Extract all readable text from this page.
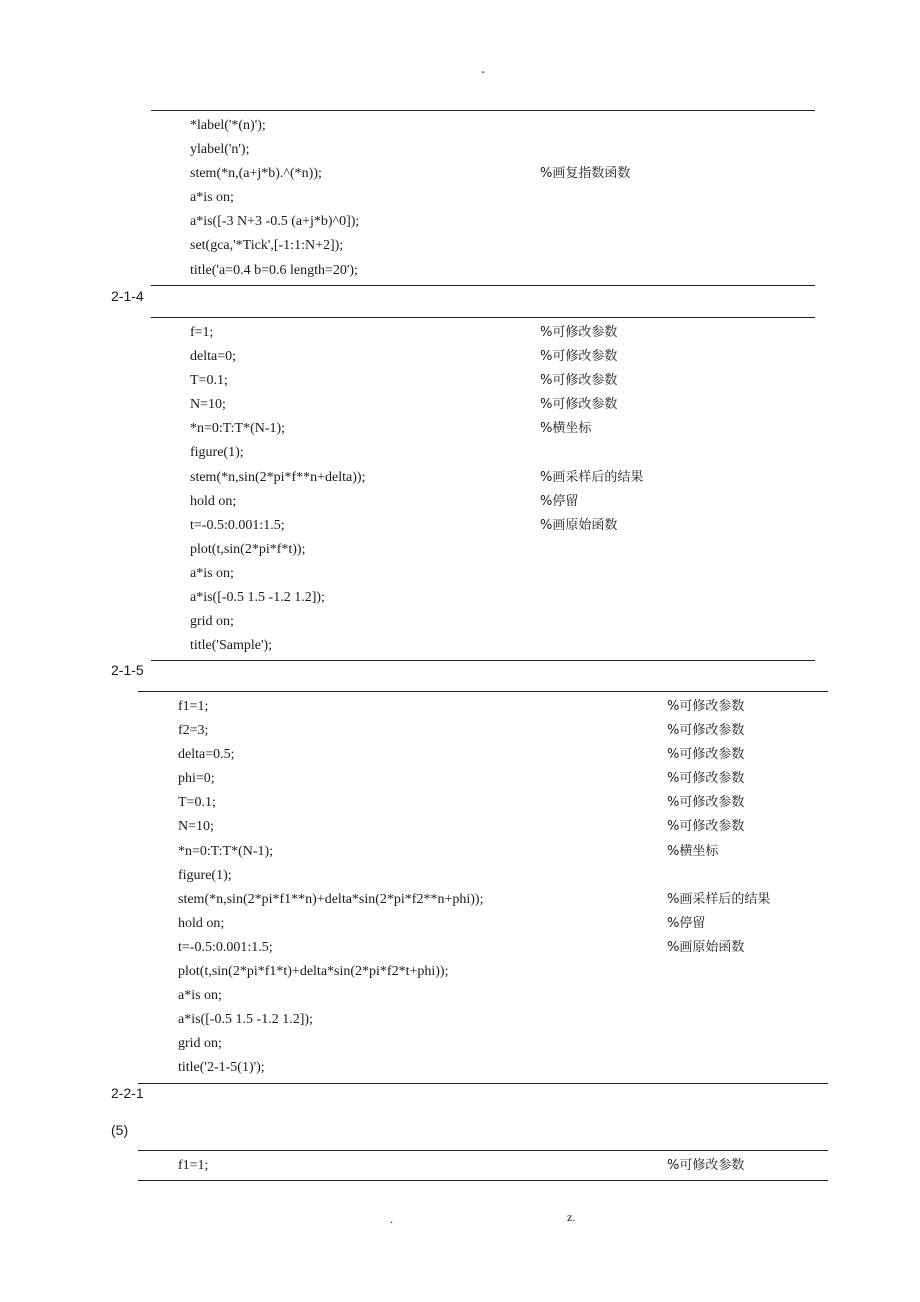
-
*label('*(n)');
ylabel('n');
stem(*n,(a+j*b).^(*n));	%画复指数函数
a*is on;
a*is([-3 N+3 -0.5 (a+j*b)^0]);
set(gca,'*Tick',[-1:1:N+2]);
title('a=0.4 b=0.6 length=20');
2-1-4
f=1;	%可修改参数
delta=0;	%可修改参数
T=0.1;	%可修改参数
N=10;	%可修改参数
*n=0:T:T*(N-1);	%横坐标
figure(1);
stem(*n,sin(2*pi*f**n+delta));	%画采样后的结果
hold on;	%停留
t=-0.5:0.001:1.5;	%画原始函数
plot(t,sin(2*pi*f*t));
a*is on;
a*is([-0.5 1.5 -1.2 1.2]);
grid on;
title('Sample');
2-1-5
f1=1;	%可修改参数
f2=3;	%可修改参数
delta=0.5;	%可修改参数
phi=0;	%可修改参数
T=0.1;	%可修改参数
N=10;	%可修改参数
*n=0:T:T*(N-1);	%横坐标
figure(1);
stem(*n,sin(2*pi*f1**n)+delta*sin(2*pi*f2**n+phi));	%画采样后的结果
hold on;	%停留
t=-0.5:0.001:1.5;	%画原始函数
plot(t,sin(2*pi*f1*t)+delta*sin(2*pi*f2*t+phi));
a*is on;
a*is([-0.5 1.5 -1.2 1.2]);
grid on;
title('2-1-5(1)');
2-2-1
(5)
f1=1;	%可修改参数
.	z.
